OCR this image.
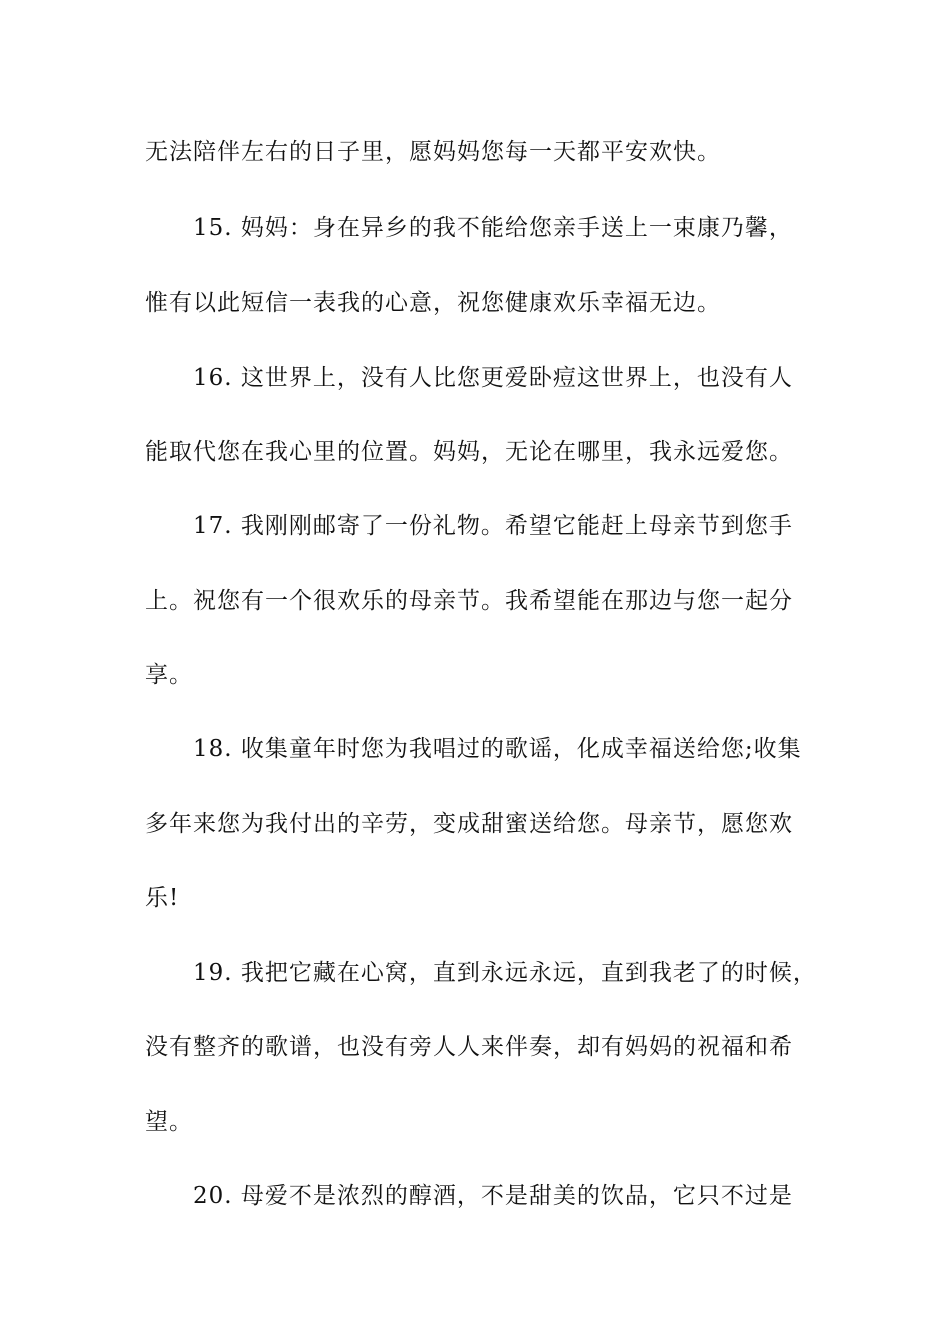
无法陪伴左右的日子里，愿妈妈您每一天都平安欢快。
15. 妈妈：身在异乡的我不能给您亲手送上一束康乃馨，
惟有以此短信一表我的心意，祝您健康欢乐幸福无边。
16. 这世界上，没有人比您更爱卧痘这世界上，也没有人
能取代您在我心里的位置。妈妈，无论在哪里，我永远爱您。
17. 我刚刚邮寄了一份礼物。希望它能赶上母亲节到您手
上。祝您有一个很欢乐的母亲节。我希望能在那边与您一起分
享。
18. 收集童年时您为我唱过的歌谣，化成幸福送给您;收集
多年来您为我付出的辛劳，变成甜蜜送给您。母亲节，愿您欢
乐!
19. 我把它藏在心窝，直到永远永远，直到我老了的时候，
没有整齐的歌谱，也没有旁人人来伴奏，却有妈妈的祝福和希
望。
20. 母爱不是浓烈的醇酒，不是甜美的饮品，它只不过是
